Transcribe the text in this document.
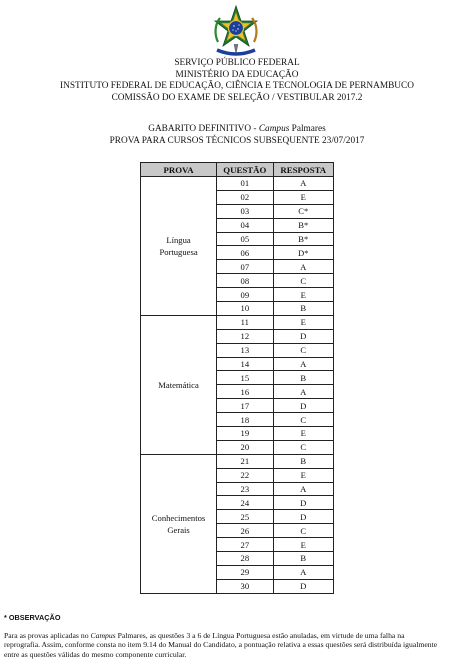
SERVIÇO PÚBLICO FEDERAL
MINISTÉRIO DA EDUCAÇÃO
INSTITUTO FEDERAL DE EDUCAÇÃO, CIÊNCIA E TECNOLOGIA DE PERNAMBUCO
COMISSÃO DO EXAME DE SELEÇÃO / VESTIBULAR 2017.2
GABARITO DEFINITIVO - Campus Palmares
PROVA PARA CURSOS TÉCNICOS SUBSEQUENTE 23/07/2017
PROVA	QUESTÃO	RESPOSTA

Língua
Portuguesa	01	A
	02	E
	03	C*
	04	B*
	05	B*
	06	D*
	07	A
	08	C
	09	E
	10	B

Matemática	11	E
	12	D
	13	C
	14	A
	15	B
	16	A
	17	D
	18	C
	19	E
	20	C

Conhecimentos
Gerais	21	B
	22	E
	23	A
	24	D
	25	D
	26	C
	27	E
	28	B
	29	A
	30	D
* OBSERVAÇÃO
Para as provas aplicadas no Campus Palmares, as questões 3 a 6 de Língua Portuguesa estão anuladas, em virtude de uma falha na
reprografia. Assim, conforme consta no item 9.14 do Manual do Candidato, a pontuação relativa a essas questões será distribuída igualmente
entre as questões válidas do mesmo componente curricular.
